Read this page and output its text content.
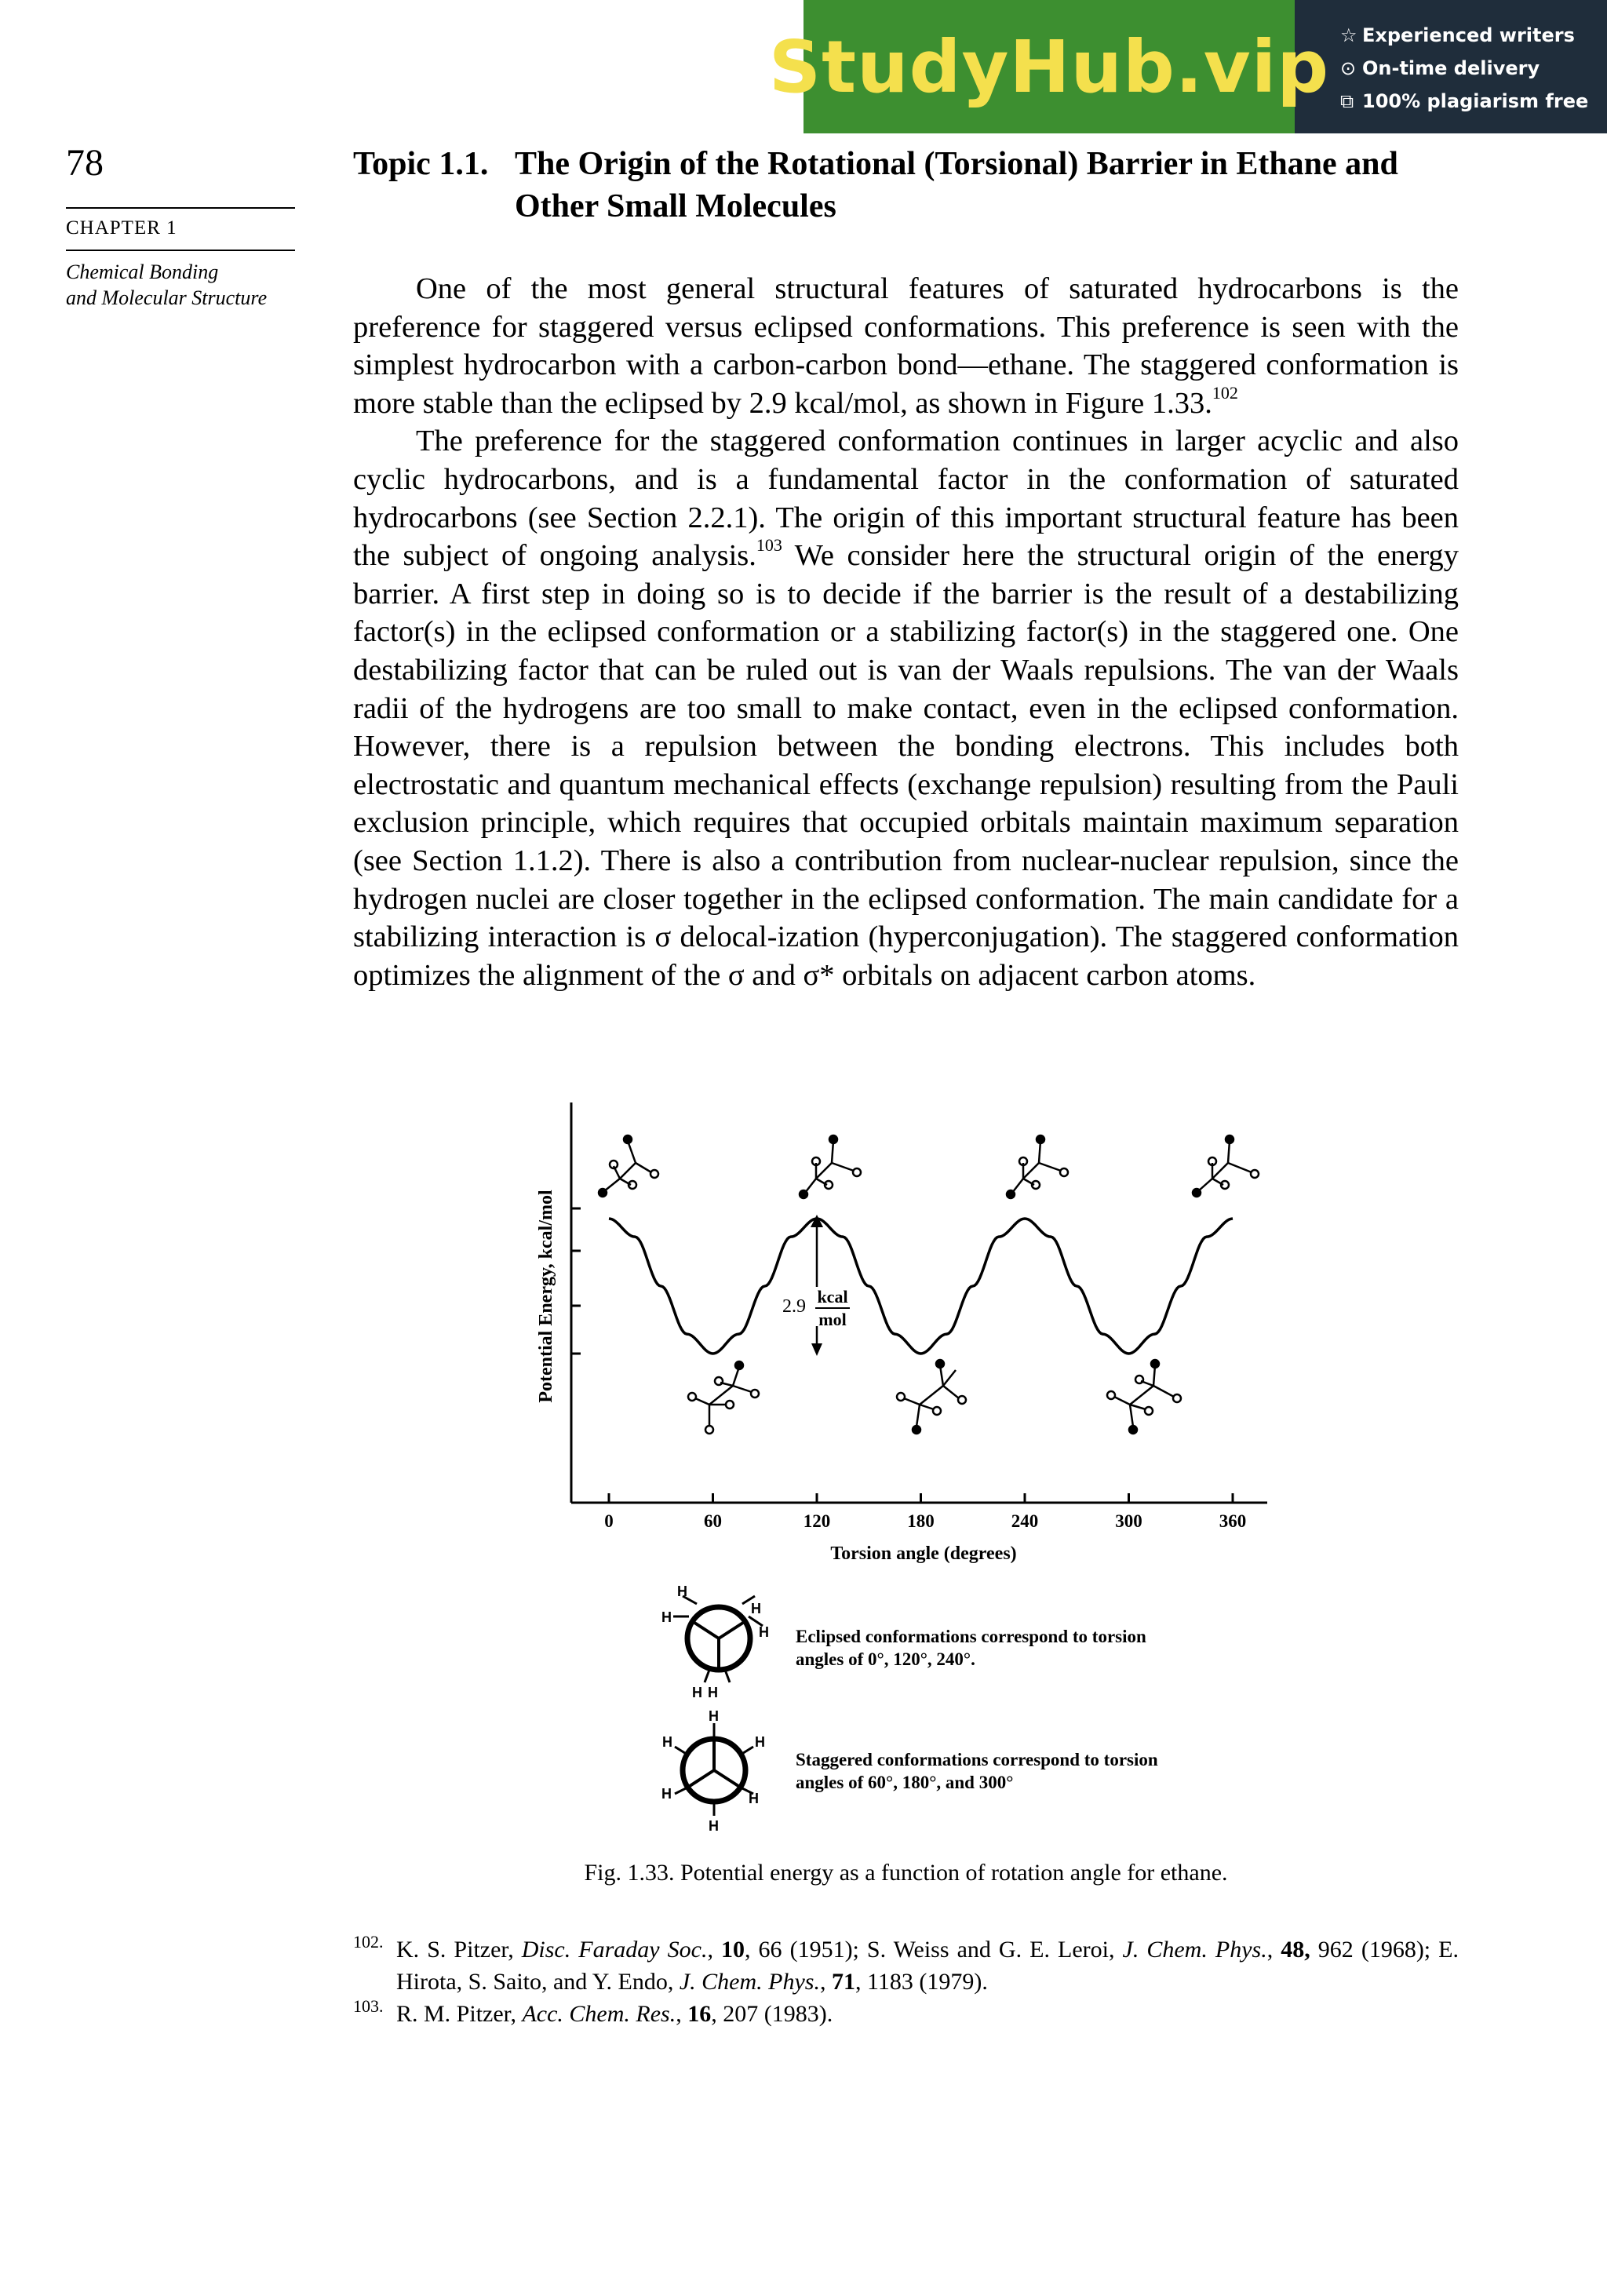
StudyHub.vip ☆ Experienced writers
⊙ On-time delivery
⧉ 100% plagiarism free
78
CHAPTER 1
Chemical Bonding
and Molecular Structure
Topic 1.1. The Origin of the Rotational (Torsional) Barrier in Ethane and Other Small Molecules

One of the most general structural features of saturated hydrocarbons is the preference for staggered versus eclipsed conformations. This preference is seen with the simplest hydrocarbon with a carbon-carbon bond—ethane. The staggered conformation is more stable than the eclipsed by 2.9 kcal/mol, as shown in Figure 1.33.$^{102}$

The preference for the staggered conformation continues in larger acyclic and also cyclic hydrocarbons, and is a fundamental factor in the conformation of saturated hydrocarbons (see Section 2.2.1). The origin of this important structural feature has been the subject of ongoing analysis.$^{103}$ We consider here the structural origin of the energy barrier. A first step in doing so is to decide if the barrier is the result of a destabilizing factor(s) in the eclipsed conformation or a stabilizing factor(s) in the staggered one. One destabilizing factor that can be ruled out is van der Waals repulsions. The van der Waals radii of the hydrogens are too small to make contact, even in the eclipsed conformation. However, there is a repulsion between the bonding electrons. This includes both electrostatic and quantum mechanical effects (exchange repulsion) resulting from the Pauli exclusion principle, which requires that occupied orbitals maintain maximum separation (see Section 1.1.2). There is also a contribution from nuclear-nuclear repulsion, since the hydrogen nuclei are closer together in the eclipsed conformation. The main candidate for a stabilizing interaction is σ delocal-ization (hyperconjugation). The staggered conformation optimizes the alignment of the σ and σ* orbitals on adjacent carbon atoms.

0	60	120	180	240	300	360
Torsion angle (degrees)
Potential Energy, kcal/mol	2.9 kcal
mol
H
H
H
H
H H
H
H	H
H	H
H
Eclipsed conformations correspond to torsion
angles of 0°, 120°, 240°.
Staggered conformations correspond to torsion
angles of 60°, 180°, and 300°
Fig. 1.33. Potential energy as a function of rotation angle for ethane.
102. K. S. Pitzer, Disc. Faraday Soc., 10, 66 (1951); S. Weiss and G. E. Leroi, J. Chem. Phys., 48, 962 (1968); E. Hirota, S. Saito, and Y. Endo, J. Chem. Phys., 71, 1183 (1979).
103. R. M. Pitzer, Acc. Chem. Res., 16, 207 (1983).
